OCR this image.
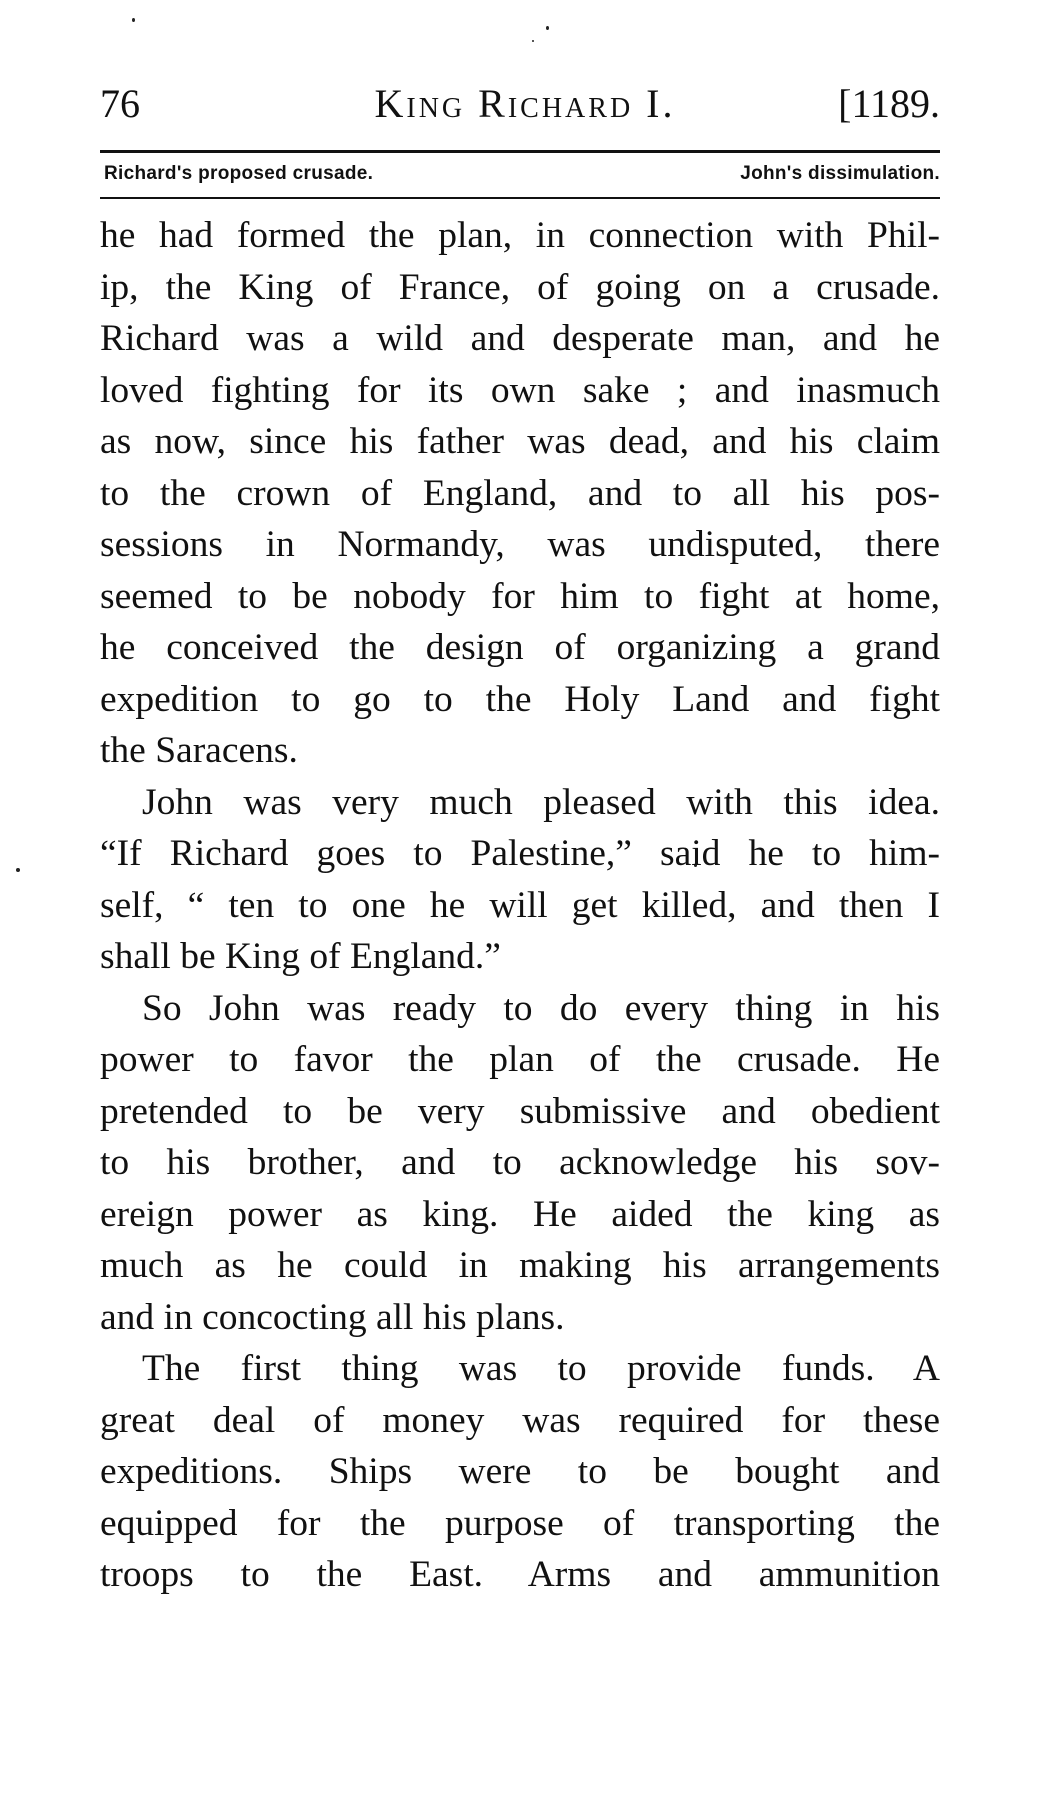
76	King Richard I.	[1189.
Richard's proposed crusade.	John's dissimulation.
he had formed the plan, in connection with Phil-
ip, the King of France, of going on a crusade.
Richard was a wild and desperate man, and he
loved fighting for its own sake ; and inasmuch
as now, since his father was dead, and his claim
to the crown of England, and to all his pos-
sessions in Normandy, was undisputed, there
seemed to be nobody for him to fight at home,
he conceived the design of organizing a grand
expedition to go to the Holy Land and fight
the Saracens.
John was very much pleased with this idea.
“If Richard goes to Palestine,” said he to him-
self, “ ten to one he will get killed, and then I
shall be King of England.”
So John was ready to do every thing in his
power to favor the plan of the crusade. He
pretended to be very submissive and obedient
to his brother, and to acknowledge his sov-
ereign power as king. He aided the king as
much as he could in making his arrangements
and in concocting all his plans.
The first thing was to provide funds. A
great deal of money was required for these
expeditions. Ships were to be bought and
equipped for the purpose of transporting the
troops to the East. Arms and ammunition
